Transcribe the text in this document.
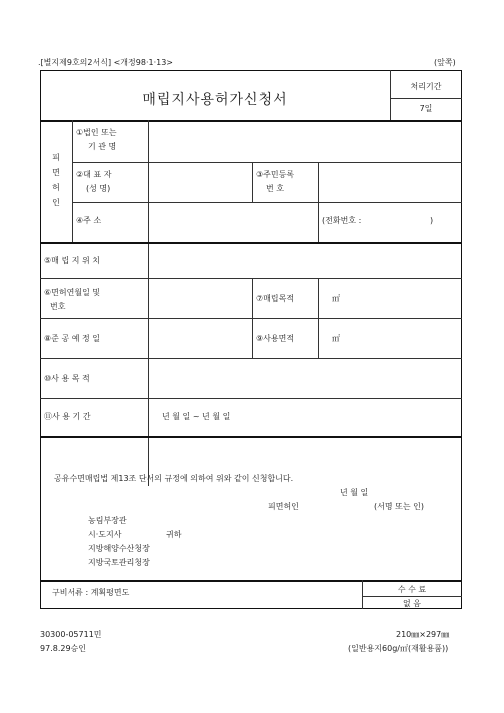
.[별지제9호의2서식] <개정98·1·13>	(앞쪽)
매립지사용허가신청서
처리기간
7일
피
면
허
인
①법인 또는
기 관 명
②대 표 자
(성 명)
③주민등록
번 호
④주 소	(전화번호 :	)
⑤매 립 지 위 치
⑥면허연월일 및
번호
⑦매립목적	㎡
⑧준 공 예 정 일	⑨사용면적	㎡
⑩사 용 목 적
⑪사 용 기 간	년 월 일 ~ 년 월 일
공유수면매립법 제13조 단서의 규정에 의하여 위와 같이 신청합니다.
년 월 일
피면허인	(서명 또는 인)
농림부장관
시·도지사	귀하
지방해양수산청장
지방국토관리청장
구비서류 : 계획평면도	수 수 료
없 음
30300-05711민
97.8.29승인
210㎜×297㎜
(일반용지60g/㎡(재활용품))
